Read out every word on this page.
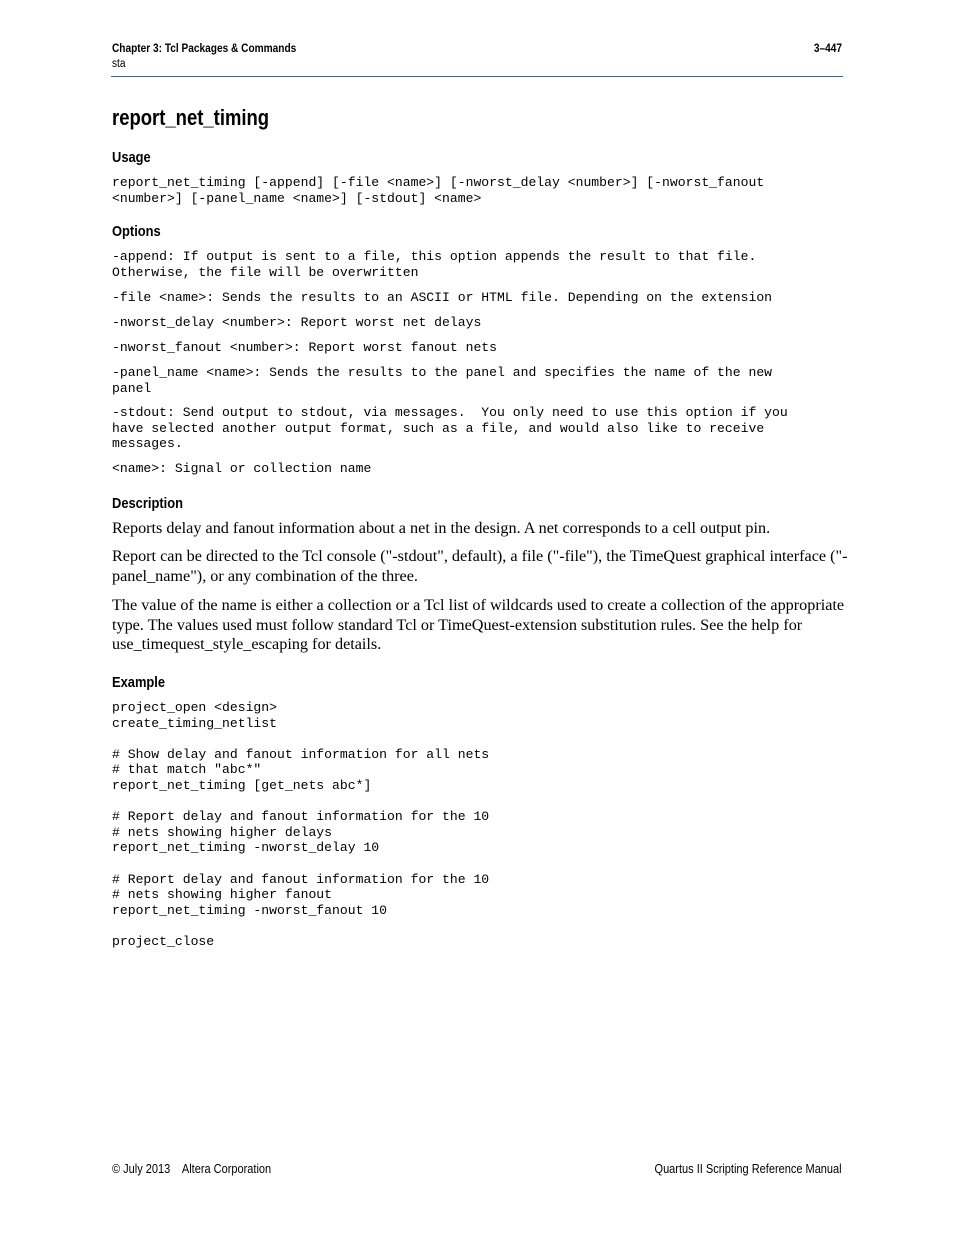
Chapter 3: Tcl Packages & Commands
sta
3–447
report_net_timing
Usage
report_net_timing [-append] [-file <name>] [-nworst_delay <number>] [-nworst_fanout
<number>] [-panel_name <name>] [-stdout] <name>
Options
-append: If output is sent to a file, this option appends the result to that file.
Otherwise, the file will be overwritten
-file <name>: Sends the results to an ASCII or HTML file. Depending on the extension
-nworst_delay <number>: Report worst net delays
-nworst_fanout <number>: Report worst fanout nets
-panel_name <name>: Sends the results to the panel and specifies the name of the new
panel
-stdout: Send output to stdout, via messages.  You only need to use this option if you
have selected another output format, such as a file, and would also like to receive
messages.
<name>: Signal or collection name
Description

Reports delay and fanout information about a net in the design. A net corresponds to a cell output pin.

Report can be directed to the Tcl console ("-stdout", default), a file ("-file"), the TimeQuest graphical interface ("-panel_name"), or any combination of the three.

The value of the name is either a collection or a Tcl list of wildcards used to create a collection of the appropriate type. The values used must follow standard Tcl or TimeQuest-extension substitution rules. See the help for use_timequest_style_escaping for details.

Example
project_open <design>
create_timing_netlist

# Show delay and fanout information for all nets
# that match "abc*"
report_net_timing [get_nets abc*]

# Report delay and fanout information for the 10
# nets showing higher delays
report_net_timing -nworst_delay 10

# Report delay and fanout information for the 10
# nets showing higher fanout
report_net_timing -nworst_fanout 10

project_close
© July 2013    Altera Corporation	Quartus II Scripting Reference Manual
